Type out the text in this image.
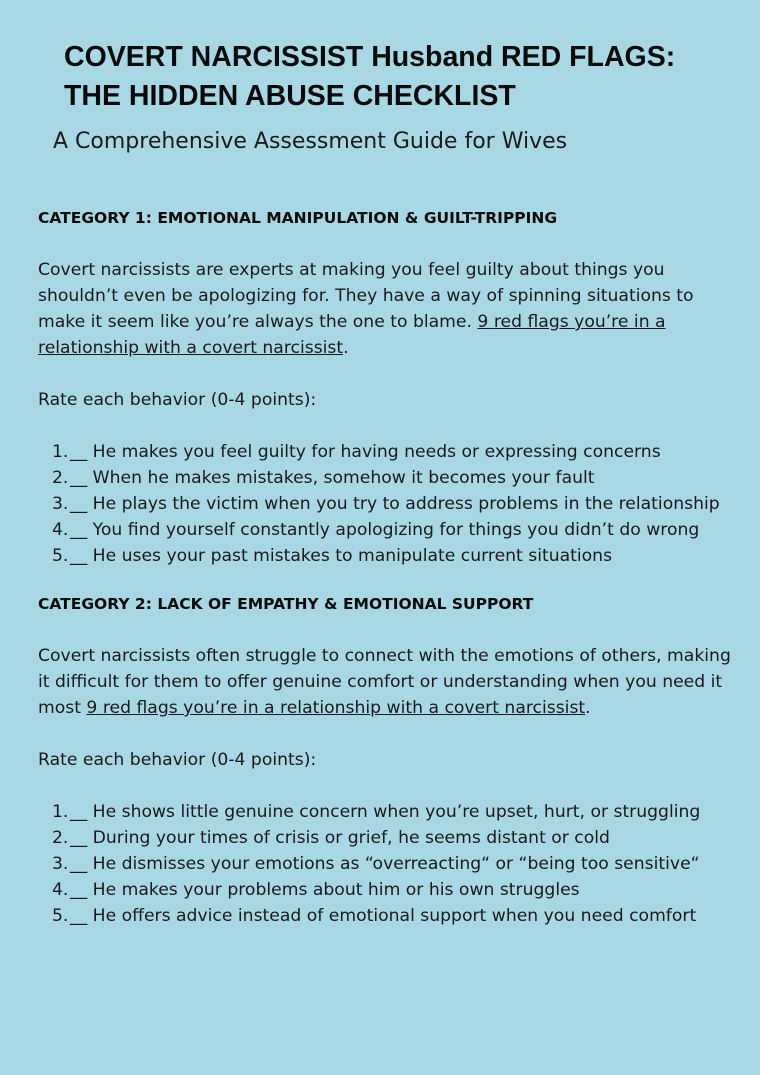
COVERT NARCISSIST Husband RED FLAGS:
THE HIDDEN ABUSE CHECKLIST
A Comprehensive Assessment Guide for Wives
CATEGORY 1: EMOTIONAL MANIPULATION & GUILT-TRIPPING

Covert narcissists are experts at making you feel guilty about things you shouldn’t even be apologizing for. They have a way of spinning situations to make it seem like you’re always the one to blame. 9 red flags you’re in a relationship with a covert narcissist.

Rate each behavior (0-4 points):

1. __ He makes you feel guilty for having needs or expressing concerns
2. __ When he makes mistakes, somehow it becomes your fault
3. __ He plays the victim when you try to address problems in the relationship
4. __ You find yourself constantly apologizing for things you didn’t do wrong
5. __ He uses your past mistakes to manipulate current situations
CATEGORY 2: LACK OF EMPATHY & EMOTIONAL SUPPORT

Covert narcissists often struggle to connect with the emotions of others, making it difficult for them to offer genuine comfort or understanding when you need it most 9 red flags you’re in a relationship with a covert narcissist.

Rate each behavior (0-4 points):

1. __ He shows little genuine concern when you’re upset, hurt, or struggling
2. __ During your times of crisis or grief, he seems distant or cold
3. __ He dismisses your emotions as “overreacting“ or “being too sensitive“
4. __ He makes your problems about him or his own struggles
5. __ He offers advice instead of emotional support when you need comfort
